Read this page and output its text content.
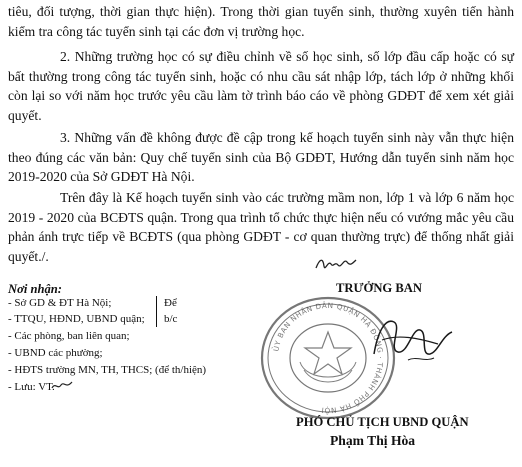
tiêu, đối tượng, thời gian thực hiện). Trong thời gian tuyển sinh, thường xuyên tiến hành kiểm tra công tác tuyển sinh tại các đơn vị trường học.

2. Những trường học có sự điều chỉnh về số học sinh, số lớp đầu cấp hoặc có sự bất thường trong công tác tuyển sinh, hoặc có nhu cầu sát nhập lớp, tách lớp ở những khối còn lại so với năm học trước yêu cầu làm tờ trình báo cáo về phòng GDĐT để xem xét giải quyết.

3. Những vấn đề không được đề cập trong kế hoạch tuyển sinh này vẫn thực hiện theo đúng các văn bản: Quy chế tuyển sinh của Bộ GDĐT, Hướng dẫn tuyển sinh năm học 2019-2020 của Sở GDĐT Hà Nội.

Trên đây là Kế hoạch tuyển sinh vào các trường mầm non, lớp 1 và lớp 6 năm học 2019 - 2020 của BCĐTS quận. Trong qua trình tổ chức thực hiện nếu có vướng mắc yêu cầu phản ánh trực tiếp về BCĐTS (qua phòng GDĐT - cơ quan thường trực) để thống nhất giải quyết./.

Nơi nhận:
- Sở GD & ĐT Hà Nội;
- TTQU, HĐND, UBND quận;
- Các phòng, ban liên quan;
- UBND các phường;
- HĐTS trường MN, TH, THCS; (để th/hiện)
- Lưu: VT.
Để
b/c
TRƯỞNG BAN
ỦY BAN NHÂN DÂN QUẬN HÀ ĐÔNG · THÀNH PHỐ HÀ NỘI
PHÓ CHỦ TỊCH UBND QUẬN
Phạm Thị Hòa
